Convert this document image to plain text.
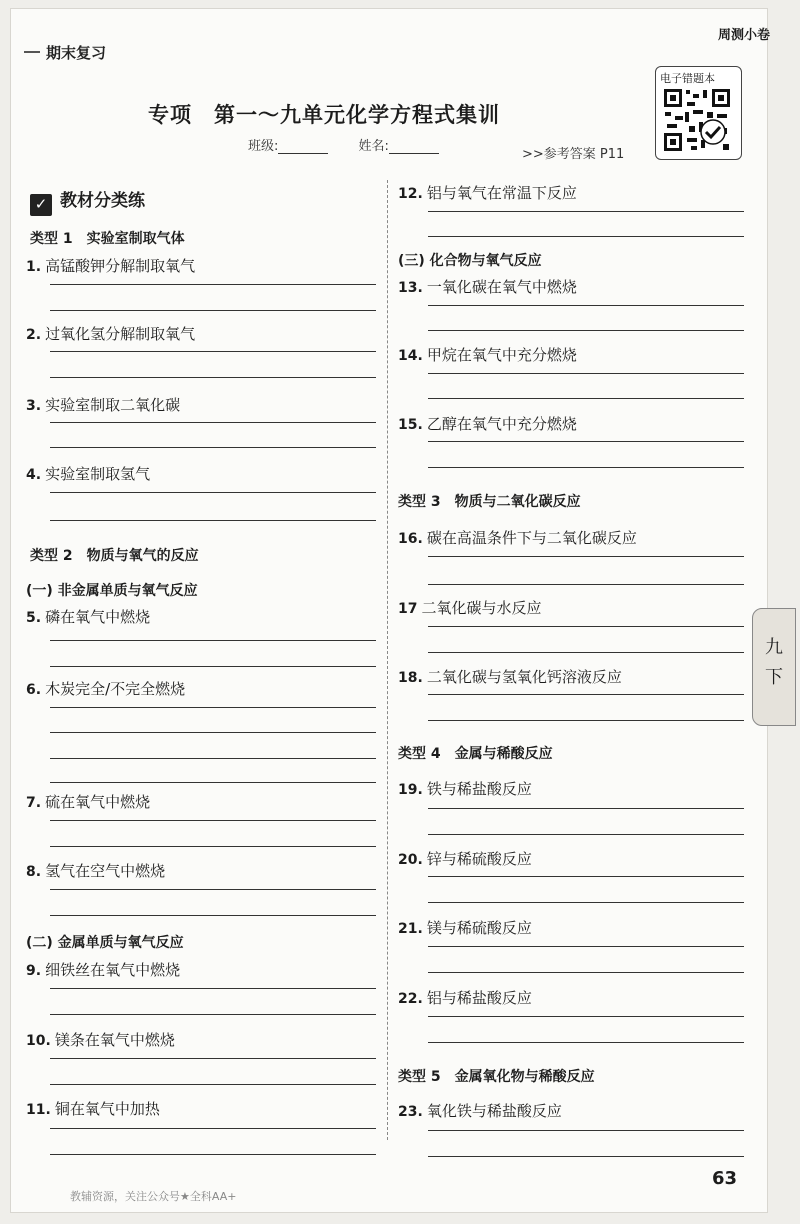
期末复习
周测小卷
专项　第一～九单元化学方程式集训
班级:	姓名:
>>参考答案 P11
电子错题本
✓ 教材分类练
类型 1　实验室制取气体
1. 高锰酸钾分解制取氧气
2. 过氧化氢分解制取氧气
3. 实验室制取二氧化碳
4. 实验室制取氢气
类型 2　物质与氧气的反应
(一) 非金属单质与氧气反应
5. 磷在氧气中燃烧
6. 木炭完全/不完全燃烧
7. 硫在氧气中燃烧
8. 氢气在空气中燃烧
(二) 金属单质与氧气反应
9. 细铁丝在氧气中燃烧
10. 镁条在氧气中燃烧
11. 铜在氧气中加热
12. 铝与氧气在常温下反应
(三) 化合物与氧气反应
13. 一氧化碳在氧气中燃烧
14. 甲烷在氧气中充分燃烧
15. 乙醇在氧气中充分燃烧
类型 3　物质与二氧化碳反应
16. 碳在高温条件下与二氧化碳反应
17 二氧化碳与水反应
18. 二氧化碳与氢氧化钙溶液反应
类型 4　金属与稀酸反应
19. 铁与稀盐酸反应
20. 锌与稀硫酸反应
21. 镁与稀硫酸反应
22. 铝与稀盐酸反应
类型 5　金属氧化物与稀酸反应
23. 氧化铁与稀盐酸反应
九
下
63
教辅资源，关注公众号★全科AA+
